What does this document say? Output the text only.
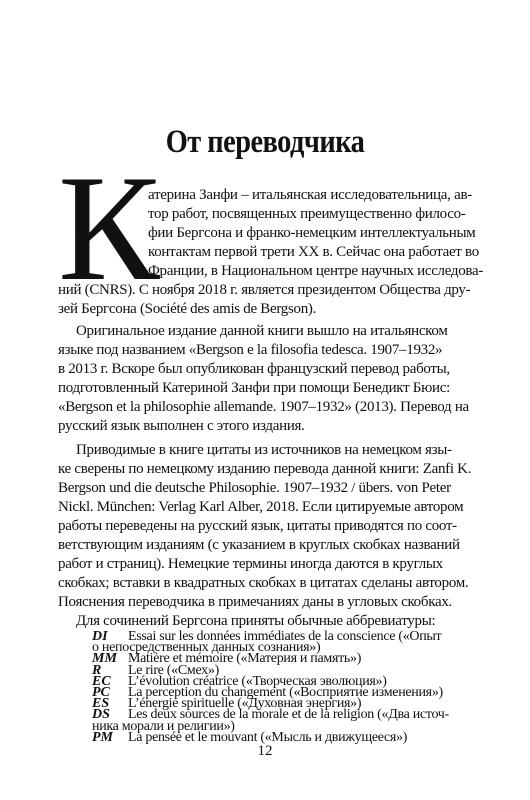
От переводчика
К
атерина Занфи – итальянская исследовательница, ав-
тор работ, посвященных преимущественно филосо-
фии Бергсона и франко-немецким интеллектуальным
контактам первой трети XX в. Сейчас она работает во
Франции, в Национальном центре научных исследова-
ний (CNRS). С ноября 2018 г. является президентом Общества дру-
зей Бергсона (Société des amis de Bergson).
Оригинальное издание данной книги вышло на итальянском
языке под названием «Bergson e la filosofia tedesca. 1907–1932»
в 2013 г. Вскоре был опубликован французский перевод работы,
подготовленный Катериной Занфи при помощи Бенедикт Бюис:
«Bergson et la philosophie allemande. 1907–1932» (2013). Перевод на
русский язык выполнен с этого издания.
Приводимые в книге цитаты из источников на немецком язы-
ке сверены по немецкому изданию перевода данной книги: Zanfi K.
Bergson und die deutsche Philosophie. 1907–1932 / übers. von Peter
Nickl. München: Verlag Karl Alber, 2018. Если цитируемые автором
работы переведены на русский язык, цитаты приводятся по соот-
ветствующим изданиям (с указанием в круглых скобках названий
работ и страниц). Немецкие термины иногда даются в круглых
скобках; вставки в квадратных скобках в цитатах сделаны автором.
Пояснения переводчика в примечаниях даны в угловых скобках.
Для сочинений Бергсона приняты обычные аббревиатуры:
12
DI	Essai sur les données immédiates de la conscience («Опыт
о непосредственных данных сознания»)
MM Matière et mémoire («Материя и память»)
R	Le rire («Смех»)
EC	L’évolution créatrice («Творческая эволюция»)
PC	La perception du changement («Восприятие изменения»)
ES	L’énergie spirituelle («Духовная энергия»)
DS	Les deux sources de la morale et de la religion («Два источ-
ника морали и религии»)
PM	La pensée et le mouvant («Мысль и движущееся»)
